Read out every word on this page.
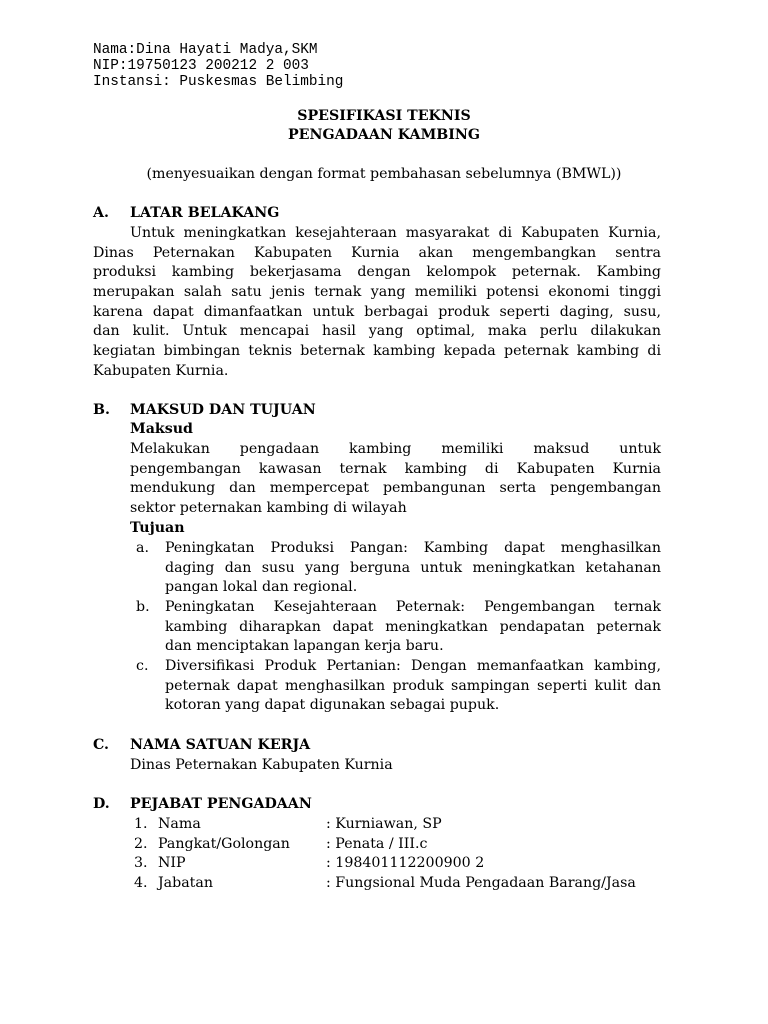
Nama:Dina Hayati Madya,SKM
NIP:19750123 200212 2 003
Instansi: Puskesmas Belimbing
SPESIFIKASI TEKNIS
PENGADAAN KAMBING
(menyesuaikan dengan format pembahasan sebelumnya (BMWL))
A. LATAR BELAKANG
Untuk meningkatkan kesejahteraan masyarakat di Kabupaten Kurnia,
Dinas Peternakan Kabupaten Kurnia akan mengembangkan sentra
produksi kambing bekerjasama dengan kelompok peternak. Kambing
merupakan salah satu jenis ternak yang memiliki potensi ekonomi tinggi
karena dapat dimanfaatkan untuk berbagai produk seperti daging, susu,
dan kulit. Untuk mencapai hasil yang optimal, maka perlu dilakukan
kegiatan bimbingan teknis beternak kambing kepada peternak kambing di
Kabupaten Kurnia.
B. MAKSUD DAN TUJUAN
Maksud
Melakukan pengadaan kambing memiliki maksud untuk
pengembangan kawasan ternak kambing di Kabupaten Kurnia
mendukung dan mempercepat pembangunan serta pengembangan
sektor peternakan kambing di wilayah
Tujuan
a. Peningkatan Produksi Pangan: Kambing dapat menghasilkan
daging dan susu yang berguna untuk meningkatkan ketahanan
pangan lokal dan regional.
b. Peningkatan Kesejahteraan Peternak: Pengembangan ternak
kambing diharapkan dapat meningkatkan pendapatan peternak
dan menciptakan lapangan kerja baru.
c. Diversifikasi Produk Pertanian: Dengan memanfaatkan kambing,
peternak dapat menghasilkan produk sampingan seperti kulit dan
kotoran yang dapat digunakan sebagai pupuk.
C. NAMA SATUAN KERJA
Dinas Peternakan Kabupaten Kurnia
D. PEJABAT PENGADAAN
1. Nama	: Kurniawan, SP
2. Pangkat/Golongan	: Penata / III.c
3. NIP	: 198401112200900 2
4. Jabatan	: Fungsional Muda Pengadaan Barang/Jasa
